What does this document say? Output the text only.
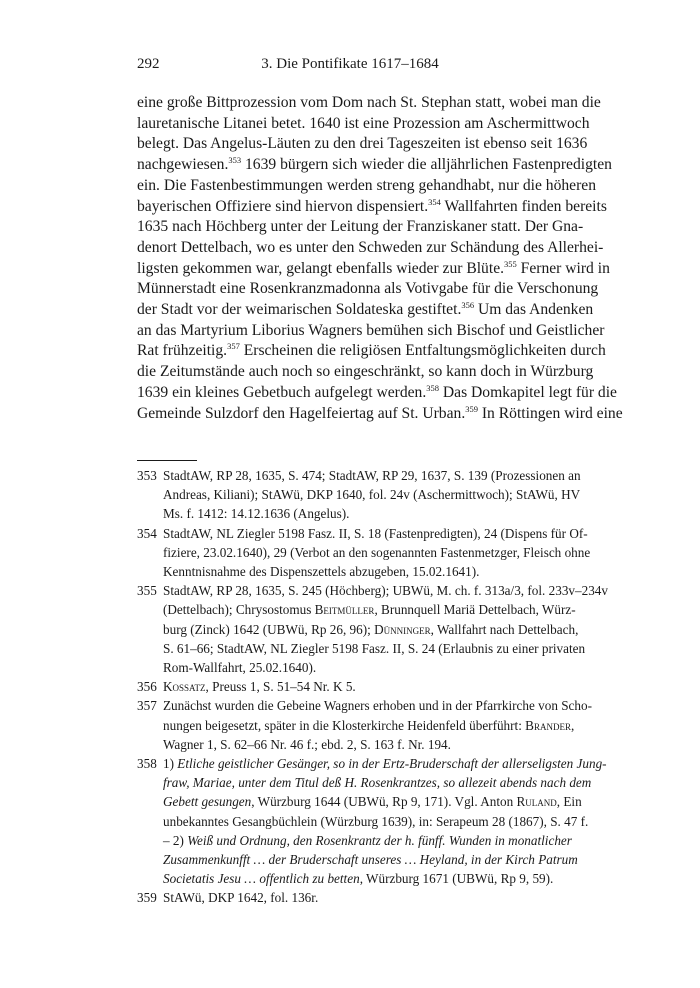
292	3. Die Pontifikate 1617–1684
eine große Bittprozession vom Dom nach St. Stephan statt, wobei man die
lauretanische Litanei betet. 1640 ist eine Prozession am Aschermittwoch
belegt. Das Angelus-Läuten zu den drei Tageszeiten ist ebenso seit 1636
nachgewiesen.$^{353}$ 1639 bürgern sich wieder die alljährlichen Fastenpredigten
ein. Die Fastenbestimmungen werden streng gehandhabt, nur die höheren
bayerischen Offiziere sind hiervon dispensiert.$^{354}$ Wallfahrten finden bereits
1635 nach Höchberg unter der Leitung der Franziskaner statt. Der Gna-
denort Dettelbach, wo es unter den Schweden zur Schändung des Allerhei-
ligsten gekommen war, gelangt ebenfalls wieder zur Blüte.$^{355}$ Ferner wird in
Münnerstadt eine Rosenkranzmadonna als Votivgabe für die Verschonung
der Stadt vor der weimarischen Soldateska gestiftet.$^{356}$ Um das Andenken
an das Martyrium Liborius Wagners bemühen sich Bischof und Geistlicher
Rat frühzeitig.$^{357}$ Erscheinen die religiösen Entfaltungsmöglichkeiten durch
die Zeitumstände auch noch so eingeschränkt, so kann doch in Würzburg
1639 ein kleines Gebetbuch aufgelegt werden.$^{358}$ Das Domkapitel legt für die
Gemeinde Sulzdorf den Hagelfeiertag auf St. Urban.$^{359}$ In Röttingen wird eine
353 StadtAW, RP 28, 1635, S. 474; StadtAW, RP 29, 1637, S. 139 (Prozessionen an
Andreas, Kiliani); StAWü, DKP 1640, fol. 24v (Aschermittwoch); StAWü, HV
Ms. f. 1412: 14.12.1636 (Angelus).
354 StadtAW, NL Ziegler 5198 Fasz. II, S. 18 (Fastenpredigten), 24 (Dispens für Of-
fiziere, 23.02.1640), 29 (Verbot an den sogenannten Fastenmetzger, Fleisch ohne
Kenntnisnahme des Dispenszettels abzugeben, 15.02.1641).
355 StadtAW, RP 28, 1635, S. 245 (Höchberg); UBWü, M. ch. f. 313a/3, fol. 233v–234v
(Dettelbach); Chrysostomus Beitmüller, Brunnquell Mariä Dettelbach, Würz-
burg (Zinck) 1642 (UBWü, Rp 26, 96); Dünninger, Wallfahrt nach Dettelbach,
S. 61–66; StadtAW, NL Ziegler 5198 Fasz. II, S. 24 (Erlaubnis zu einer privaten
Rom-Wallfahrt, 25.02.1640).
356 Kossatz, Preuss 1, S. 51–54 Nr. K 5.
357 Zunächst wurden die Gebeine Wagners erhoben und in der Pfarrkirche von Scho-
nungen beigesetzt, später in die Klosterkirche Heidenfeld überführt: Brander,
Wagner 1, S. 62–66 Nr. 46 f.; ebd. 2, S. 163 f. Nr. 194.
358 1) Etliche geistlicher Gesänger, so in der Ertz-Bruderschaft der allerseligsten Jung-
fraw, Mariae, unter dem Titul deß H. Rosenkrantzes, so allezeit abends nach dem
Gebett gesungen, Würzburg 1644 (UBWü, Rp 9, 171). Vgl. Anton Ruland, Ein
unbekanntes Gesangbüchlein (Würzburg 1639), in: Serapeum 28 (1867), S. 47 f.
– 2) Weiß und Ordnung, den Rosenkrantz der h. fünff. Wunden in monatlicher
Zusammenkunfft … der Bruderschaft unseres … Heyland, in der Kirch Patrum
Societatis Jesu … offentlich zu betten, Würzburg 1671 (UBWü, Rp 9, 59).
359 StAWü, DKP 1642, fol. 136r.
